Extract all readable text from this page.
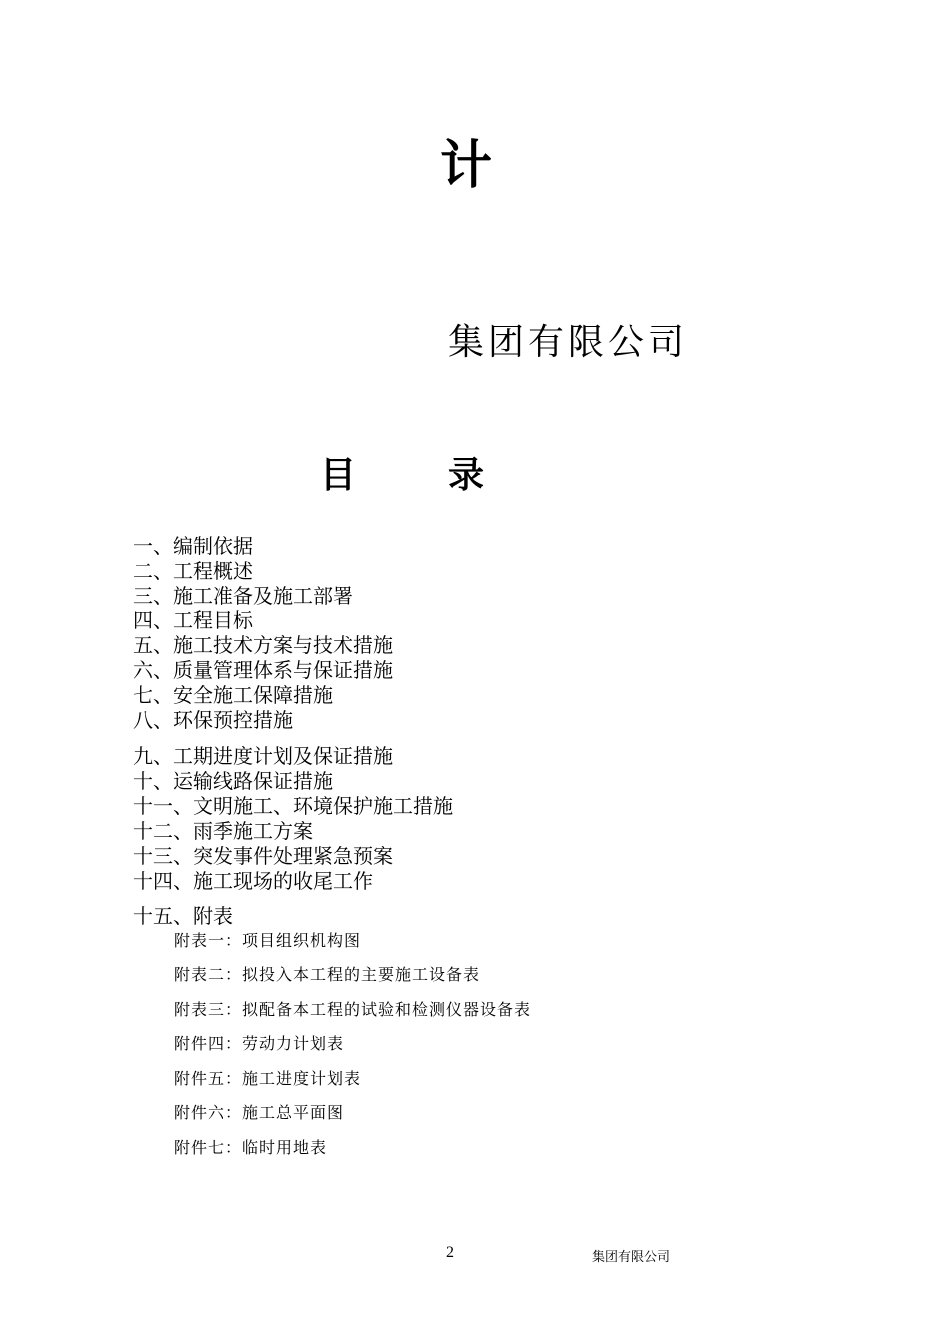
计
集团有限公司
目	录
一、编制依据
二、工程概述
三、施工准备及施工部署
四、工程目标
五、施工技术方案与技术措施
六、质量管理体系与保证措施
七、安全施工保障措施
八、环保预控措施
九、工期进度计划及保证措施
十、运输线路保证措施
十一、文明施工、环境保护施工措施
十二、雨季施工方案
十三、突发事件处理紧急预案
十四、施工现场的收尾工作
十五、附表
附表一：项目组织机构图
附表二：拟投入本工程的主要施工设备表
附表三：拟配备本工程的试验和检测仪器设备表
附件四：劳动力计划表
附件五：施工进度计划表
附件六：施工总平面图
附件七：临时用地表
2	集团有限公司
